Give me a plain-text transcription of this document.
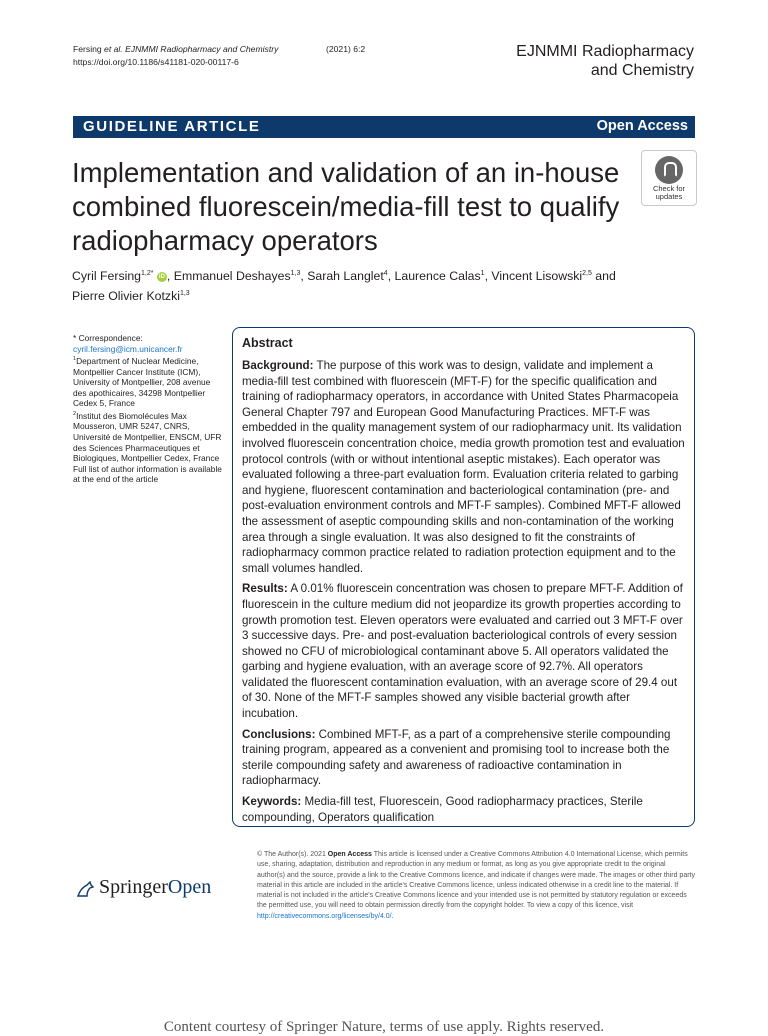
Fersing et al. EJNMMI Radiopharmacy and Chemistry	(2021) 6:2
https://doi.org/10.1186/s41181-020-00117-6
EJNMMI Radiopharmacy
and Chemistry
GUIDELINE ARTICLE	Open Access
Implementation and validation of an in-house combined fluorescein/media-fill test to qualify radiopharmacy operators
Check for
updates
Cyril Fersing$^{1,2*}$ iD , Emmanuel Deshayes$^{1,3}$, Sarah Langlet$^4$, Laurence Calas$^1$, Vincent Lisowski$^{2,5}$ and
Pierre Olivier Kotzki$^{1,3}$
* Correspondence: cyril.fersing@icm.unicancer.fr
$^1$Department of Nuclear Medicine, Montpellier Cancer Institute (ICM), University of Montpellier, 208 avenue des apothicaires, 34298 Montpellier Cedex 5, France
$^2$Institut des Biomolécules Max Mousseron, UMR 5247, CNRS, Université de Montpellier, ENSCM, UFR des Sciences Pharmaceutiques et Biologiques, Montpellier Cedex, France
Full list of author information is available at the end of the article
Abstract

Background: The purpose of this work was to design, validate and implement a media-fill test combined with fluorescein (MFT-F) for the specific qualification and training of radiopharmacy operators, in accordance with United States Pharmacopeia General Chapter 797 and European Good Manufacturing Practices. MFT-F was embedded in the quality management system of our radiopharmacy unit. Its validation involved fluorescein concentration choice, media growth promotion test and evaluation protocol controls (with or without intentional aseptic mistakes). Each operator was evaluated following a three-part evaluation form. Evaluation criteria related to garbing and hygiene, fluorescent contamination and bacteriological contamination (pre- and post-evaluation environment controls and MFT-F samples). Combined MFT-F allowed the assessment of aseptic compounding skills and non-contamination of the working area through a single evaluation. It was also designed to fit the constraints of radiopharmacy common practice related to radiation protection equipment and to the small volumes handled.

Results: A 0.01% fluorescein concentration was chosen to prepare MFT-F. Addition of fluorescein in the culture medium did not jeopardize its growth properties according to growth promotion test. Eleven operators were evaluated and carried out 3 MFT-F over 3 successive days. Pre- and post-evaluation bacteriological controls of every session showed no CFU of microbiological contaminant above 5. All operators validated the garbing and hygiene evaluation, with an average score of 92.7%. All operators validated the fluorescent contamination evaluation, with an average score of 29.4 out of 30. None of the MFT-F samples showed any visible bacterial growth after incubation.

Conclusions: Combined MFT-F, as a part of a comprehensive sterile compounding training program, appeared as a convenient and promising tool to increase both the sterile compounding safety and awareness of radioactive contamination in radiopharmacy.

Keywords: Media-fill test, Fluorescein, Good radiopharmacy practices, Sterile compounding, Operators qualification

SpringerOpen
© The Author(s). 2021 Open Access This article is licensed under a Creative Commons Attribution 4.0 International License, which permits use, sharing, adaptation, distribution and reproduction in any medium or format, as long as you give appropriate credit to the original author(s) and the source, provide a link to the Creative Commons licence, and indicate if changes were made. The images or other third party material in this article are included in the article's Creative Commons licence, unless indicated otherwise in a credit line to the material. If material is not included in the article's Creative Commons licence and your intended use is not permitted by statutory regulation or exceeds the permitted use, you will need to obtain permission directly from the copyright holder. To view a copy of this licence, visit http://creativecommons.org/licenses/by/4.0/.
Content courtesy of Springer Nature, terms of use apply. Rights reserved.
